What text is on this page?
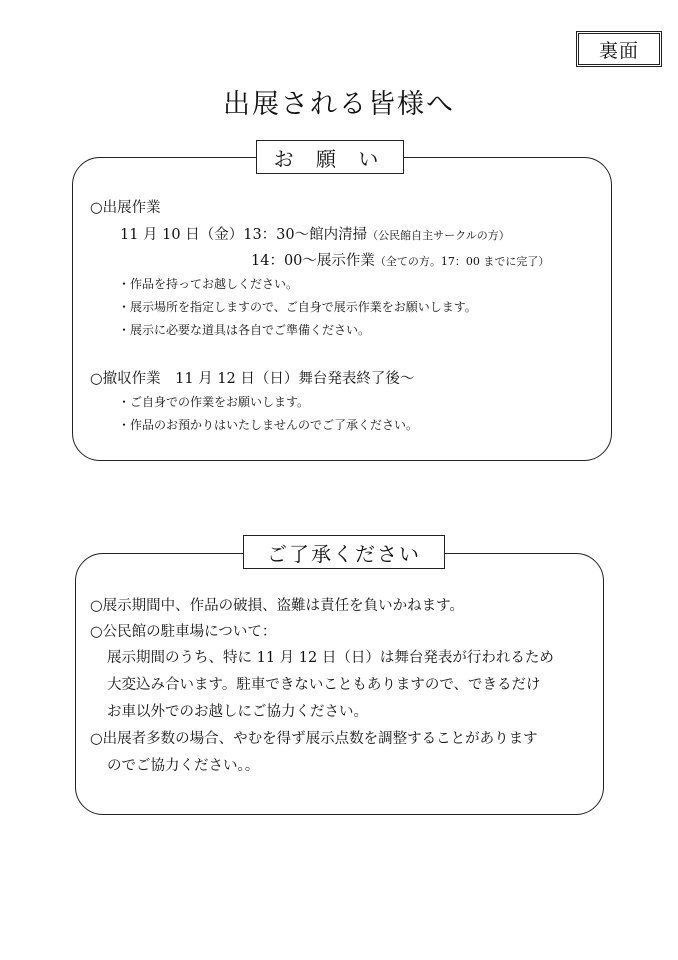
裏面
出展される皆様へ
お 願 い
○出展作業
11 月 10 日（金）13：30～館内清掃（公民館自主サークルの方）
14：00～展示作業（全ての方。17：00 までに完了）
・作品を持ってお越しください。
・展示場所を指定しますので、ご自身で展示作業をお願いします。
・展示に必要な道具は各自でご準備ください。
○撤収作業　11 月 12 日（日）舞台発表終了後～
・ご自身での作業をお願いします。
・作品のお預かりはいたしませんのでご了承ください。
ご了承ください
○展示期間中、作品の破損、盗難は責任を負いかねます。
○公民館の駐車場について：
展示期間のうち、特に 11 月 12 日（日）は舞台発表が行われるため
大変込み合います。駐車できないこともありますので、できるだけ
お車以外でのお越しにご協力ください。
○出展者多数の場合、やむを得ず展示点数を調整することがあります
のでご協力ください。。
